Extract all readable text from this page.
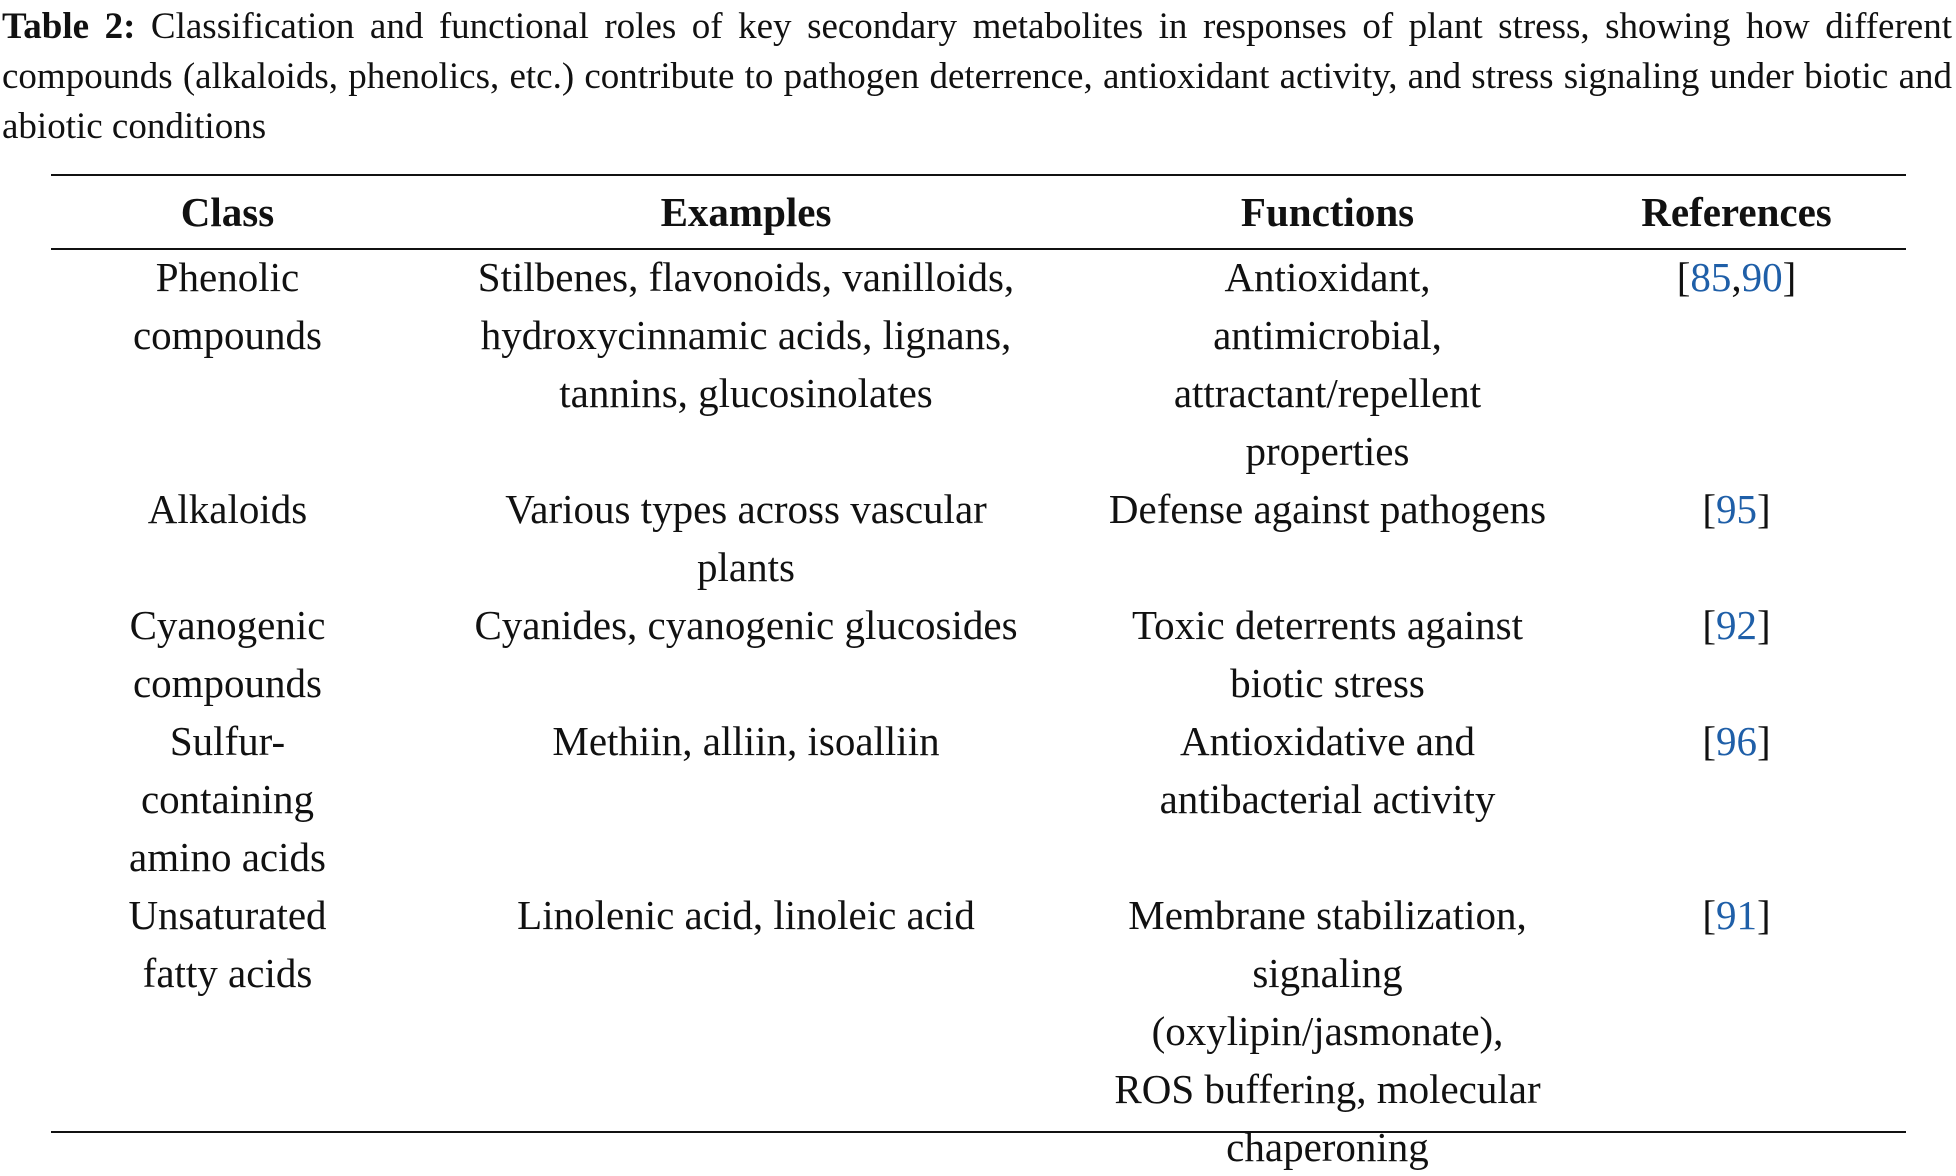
Table 2: Classification and functional roles of key secondary metabolites in responses of plant stress, showing how different compounds (alkaloids, phenolics, etc.) contribute to pathogen deterrence, antioxidant activity, and stress signaling under biotic and abiotic conditions
Class	Examples	Functions	References
Phenolic compounds	Stilbenes, flavonoids, vanilloids, hydroxycinnamic acids, lignans, tannins, glucosinolates	Antioxidant, antimicrobial, attractant/repellent properties	[85,90]
Alkaloids	Various types across vascular plants	Defense against pathogens	[95]
Cyanogenic compounds	Cyanides, cyanogenic glucosides	Toxic deterrents against biotic stress	[92]
Sulfur-containing amino acids	Methiin, alliin, isoalliin	Antioxidative and antibacterial activity	[96]
Unsaturated fatty acids	Linolenic acid, linoleic acid	Membrane stabilization, signaling (oxylipin/jasmonate), ROS buffering, molecular chaperoning	[91]
